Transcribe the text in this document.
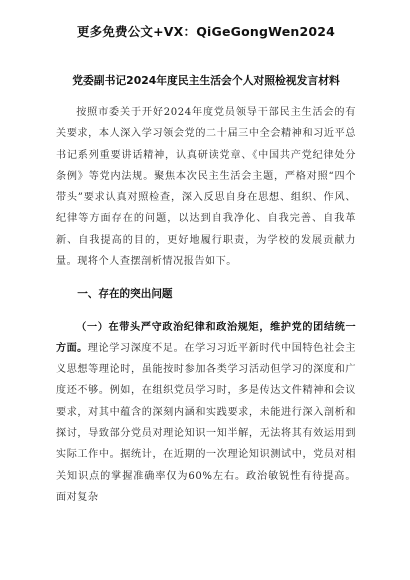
更多免费公文+VX：QiGeGongWen2024
党委副书记2024年度民主生活会个人对照检视发言材料

按照市委关于开好2024年度党员领导干部民主生活会的有关要求，本人深入学习领会党的二十届三中全会精神和习近平总书记系列重要讲话精神，认真研读党章、《中国共产党纪律处分条例》等党内法规。聚焦本次民主生活会主题，严格对照“四个带头”要求认真对照检查，深入反思自身在思想、组织、作风、纪律等方面存在的问题，以达到自我净化、自我完善、自我革新、自我提高的目的，更好地履行职责，为学校的发展贡献力量。现将个人查摆剖析情况报告如下。

一、存在的突出问题

（一）在带头严守政治纪律和政治规矩，维护党的团结统一方面。理论学习深度不足。在学习习近平新时代中国特色社会主义思想等理论时，虽能按时参加各类学习活动但学习的深度和广度还不够。例如，在组织党员学习时，多是传达文件精神和会议要求，对其中蕴含的深刻内涵和实践要求，未能进行深入剖析和探讨，导致部分党员对理论知识一知半解，无法将其有效运用到实际工作中。据统计，在近期的一次理论知识测试中，党员对相关知识点的掌握准确率仅为60%左右。政治敏锐性有待提高。面对复杂
